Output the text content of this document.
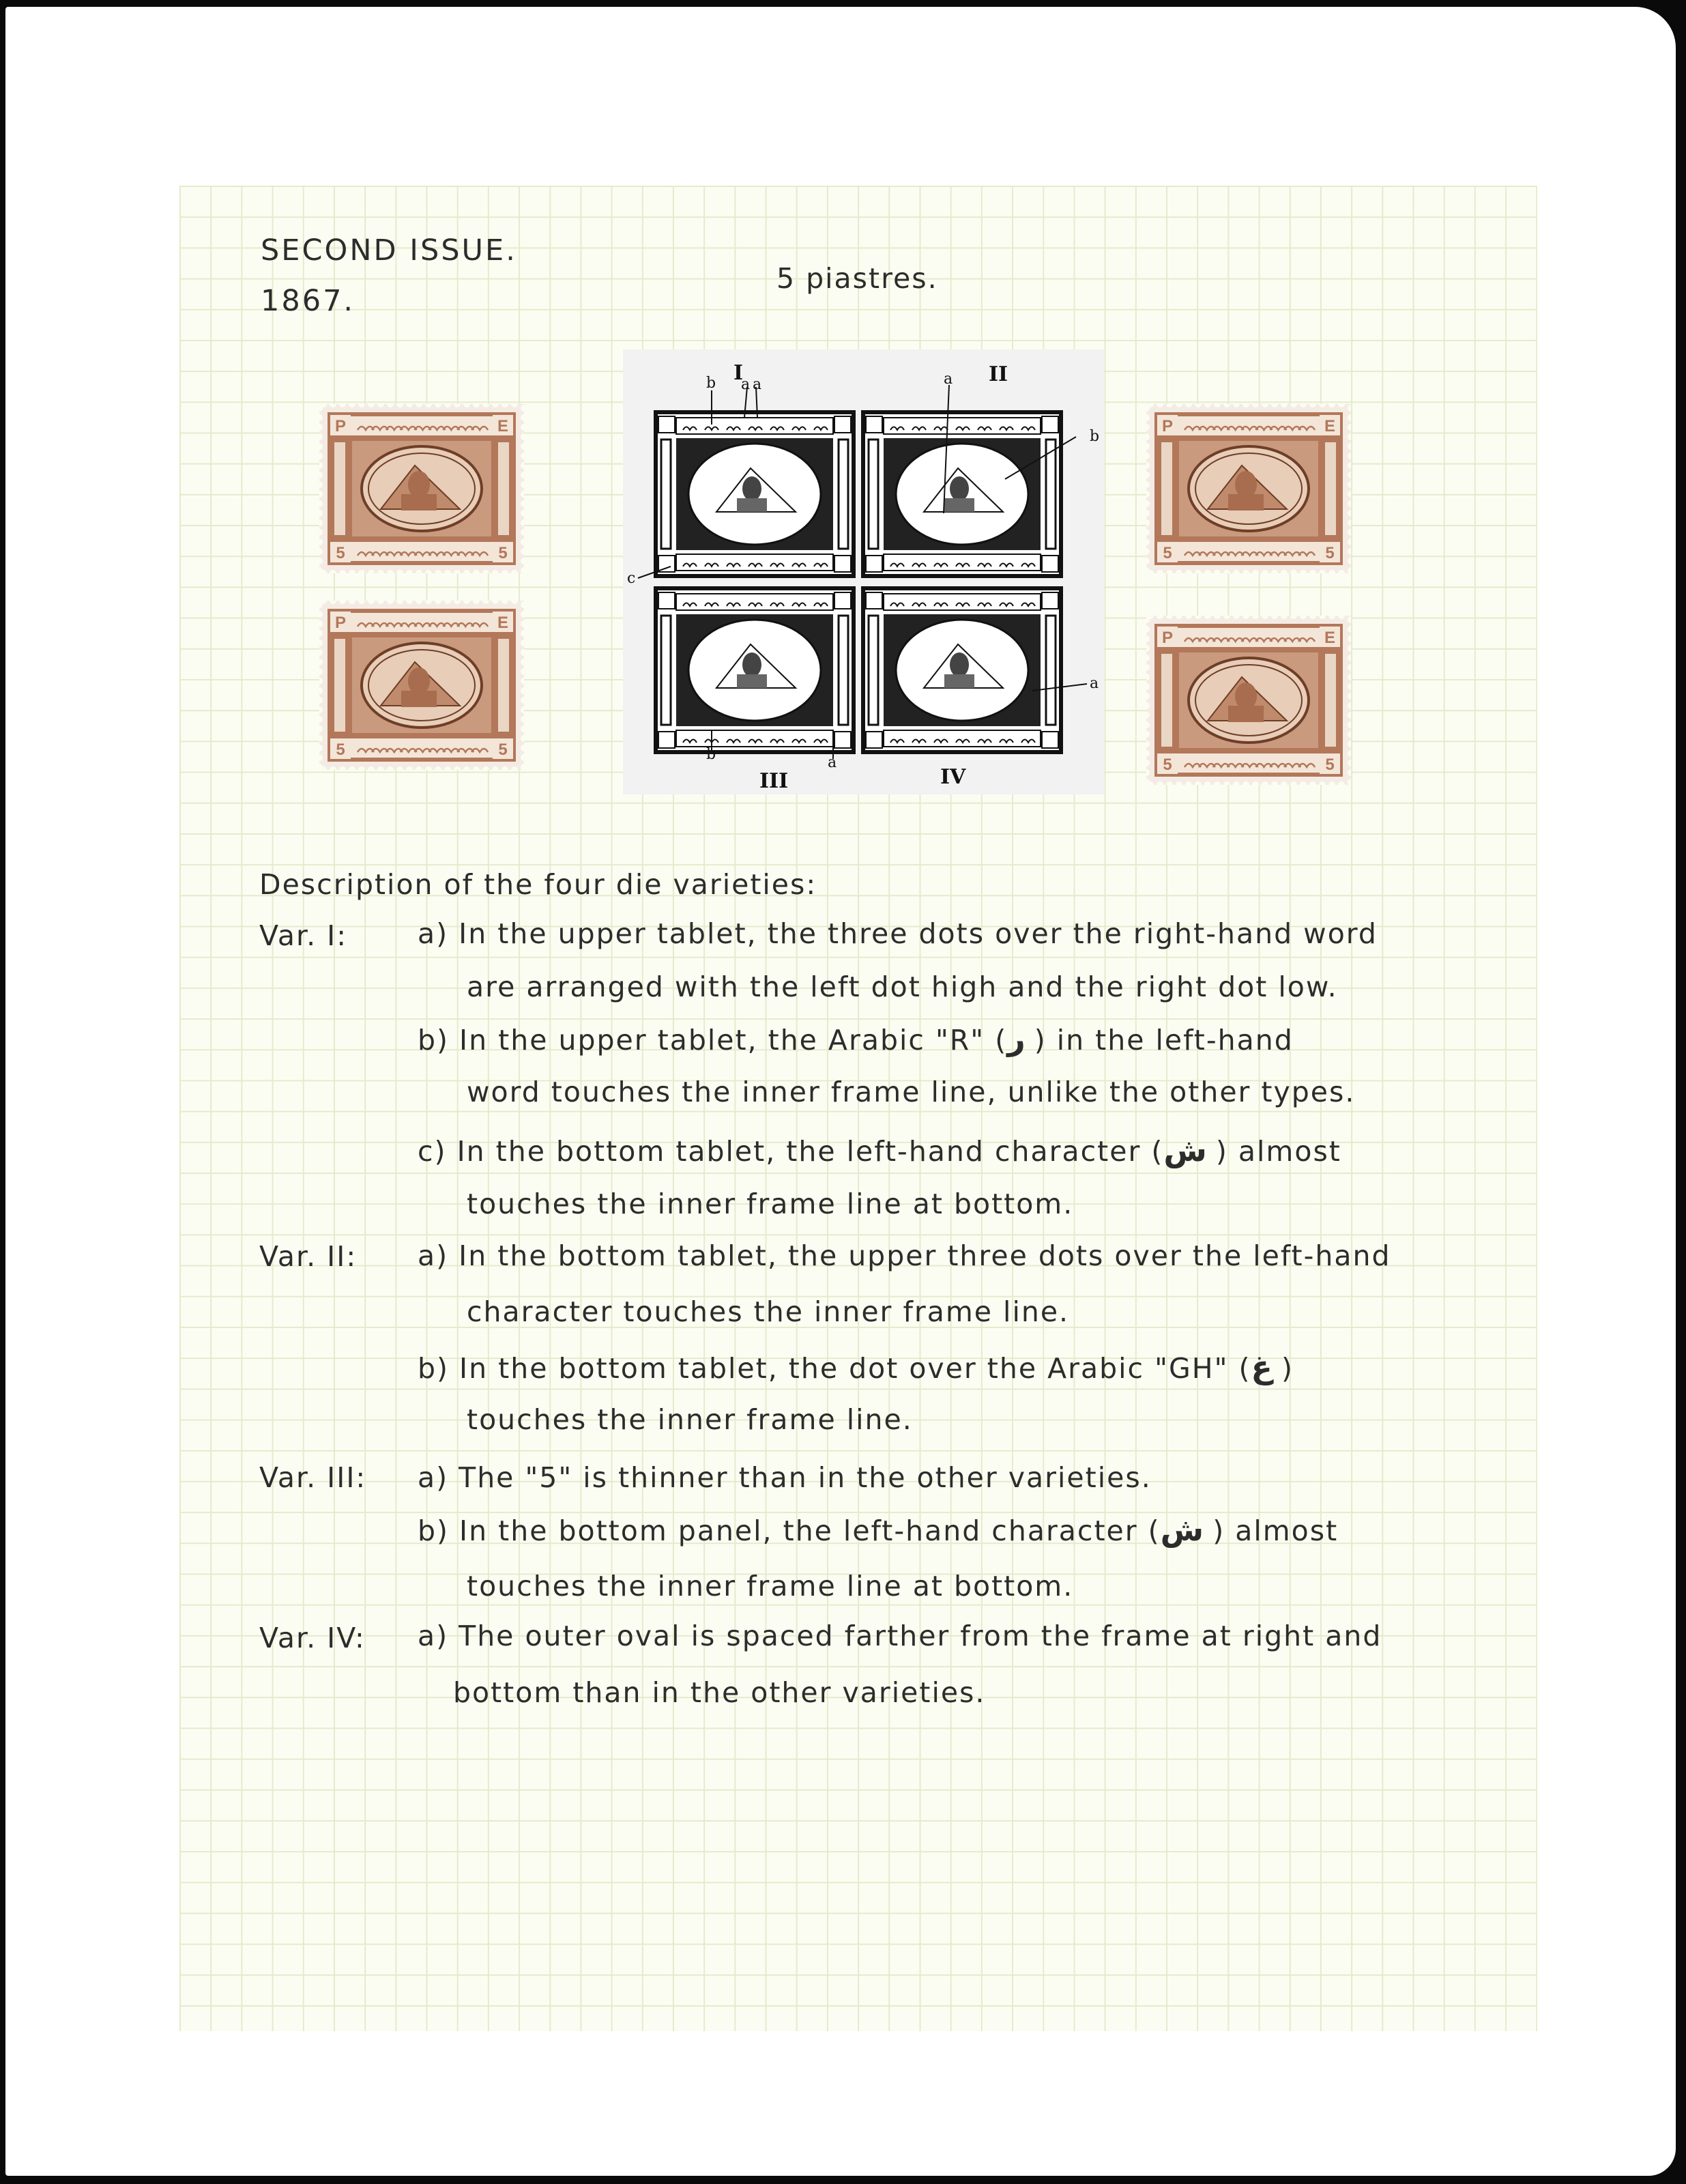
SECOND ISSUE.
1867.
5 piastres.
P	E
5	5
P	E
5	5
P	E
5	5
P	E
5	5
I	II
III	IV
b a a	a
b
c
a
b	a
Description of the four die varieties:
Var. I:	a) In the upper tablet, the three dots over the right-hand word
are arranged with the left dot high and the right dot low.
b) In the upper tablet, the Arabic "R" (ر ) in the left-hand
word touches the inner frame line, unlike the other types.
c) In the bottom tablet, the left-hand character (ش ) almost
touches the inner frame line at bottom.
Var. II: a) In the bottom tablet, the upper three dots over the left-hand
character touches the inner frame line.
b) In the bottom tablet, the dot over the Arabic "GH" (غ )
touches the inner frame line.
Var. III: a) The "5" is thinner than in the other varieties.
b) In the bottom panel, the left-hand character (ش ) almost
touches the inner frame line at bottom.
Var. IV: a) The outer oval is spaced farther from the frame at right and
bottom than in the other varieties.
